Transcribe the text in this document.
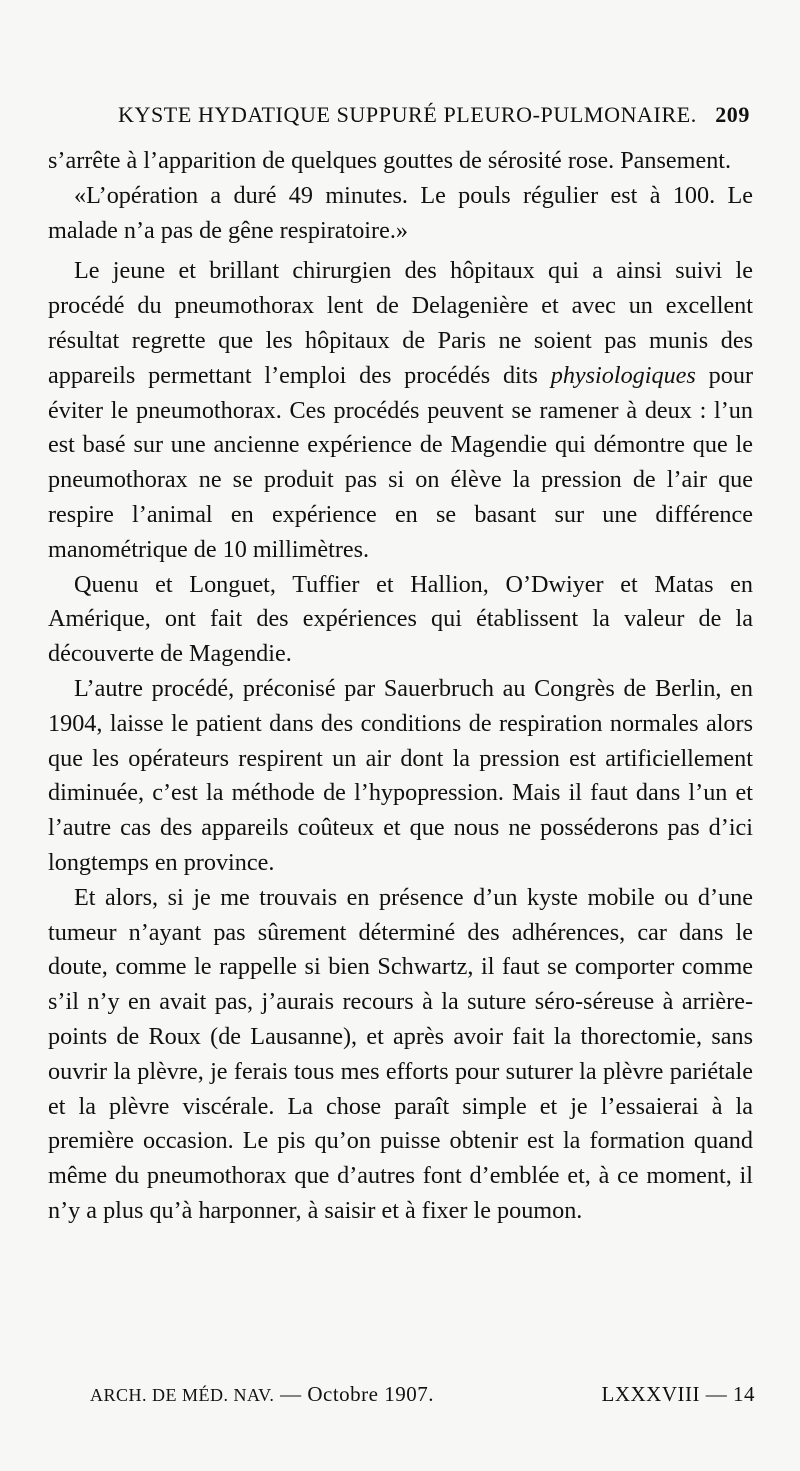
KYSTE HYDATIQUE SUPPURÉ PLEURO-PULMONAIRE. 209

s’arrête à l’apparition de quelques gouttes de sérosité rose. Pansement.

«L’opération a duré 49 minutes. Le pouls régulier est à 100. Le malade n’a pas de gêne respiratoire.»

Le jeune et brillant chirurgien des hôpitaux qui a ainsi suivi le procédé du pneumothorax lent de Delagenière et avec un excellent résultat regrette que les hôpitaux de Paris ne soient pas munis des appareils permettant l’emploi des procédés dits physiologiques pour éviter le pneumothorax. Ces procédés peuvent se ramener à deux : l’un est basé sur une ancienne expérience de Magendie qui démontre que le pneumothorax ne se produit pas si on élève la pression de l’air que respire l’animal en expérience en se basant sur une différence manométrique de 10 millimètres.

Quenu et Longuet, Tuffier et Hallion, O’Dwiyer et Matas en Amérique, ont fait des expériences qui établissent la valeur de la découverte de Magendie.

L’autre procédé, préconisé par Sauerbruch au Congrès de Berlin, en 1904, laisse le patient dans des conditions de respiration normales alors que les opérateurs respirent un air dont la pression est artificiellement diminuée, c’est la méthode de l’hypopression. Mais il faut dans l’un et l’autre cas des appareils coûteux et que nous ne posséderons pas d’ici longtemps en province.

Et alors, si je me trouvais en présence d’un kyste mobile ou d’une tumeur n’ayant pas sûrement déterminé des adhérences, car dans le doute, comme le rappelle si bien Schwartz, il faut se comporter comme s’il n’y en avait pas, j’aurais recours à la suture séro-séreuse à arrière-points de Roux (de Lausanne), et après avoir fait la thorectomie, sans ouvrir la plèvre, je ferais tous mes efforts pour suturer la plèvre pariétale et la plèvre viscérale. La chose paraît simple et je l’essaierai à la première occasion. Le pis qu’on puisse obtenir est la formation quand même du pneumothorax que d’autres font d’emblée et, à ce moment, il n’y a plus qu’à harponner, à saisir et à fixer le poumon.

ARCH. DE MÉD. NAV. — Octobre 1907.	LXXXVIII — 14
